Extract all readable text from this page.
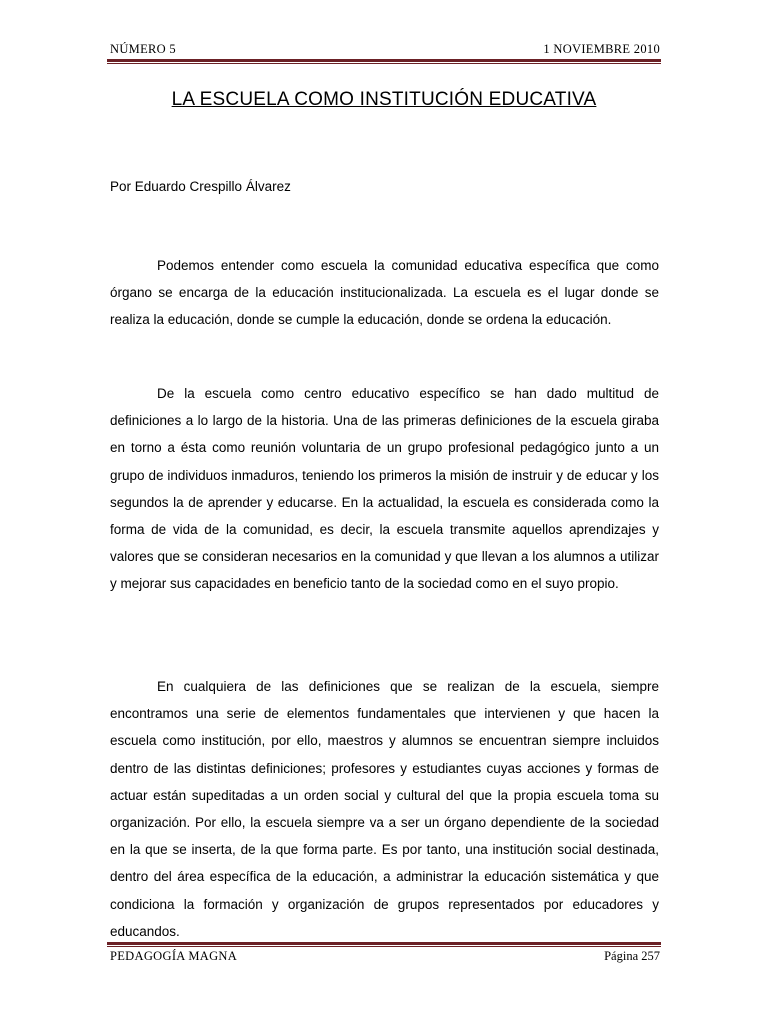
NÚMERO 5	1 NOVIEMBRE 2010
LA ESCUELA COMO INSTITUCIÓN EDUCATIVA
Por Eduardo Crespillo Álvarez

Podemos entender como escuela la comunidad educativa específica que como órgano se encarga de la educación institucionalizada. La escuela es el lugar donde se realiza la educación, donde se cumple la educación, donde se ordena la educación.

De la escuela como centro educativo específico se han dado multitud de definiciones a lo largo de la historia. Una de las primeras definiciones de la escuela giraba en torno a ésta como reunión voluntaria de un grupo profesional pedagógico junto a un grupo de individuos inmaduros, teniendo los primeros la misión de instruir y de educar y los segundos la de aprender y educarse. En la actualidad, la escuela es considerada como la forma de vida de la comunidad, es decir, la escuela transmite aquellos aprendizajes y valores que se consideran necesarios en la comunidad y que llevan a los alumnos a utilizar y mejorar sus capacidades en beneficio tanto de la sociedad como en el suyo propio.

En cualquiera de las definiciones que se realizan de la escuela, siempre encontramos una serie de elementos fundamentales que intervienen y que hacen la escuela como institución, por ello, maestros y alumnos se encuentran siempre incluidos dentro de las distintas definiciones; profesores y estudiantes cuyas acciones y formas de actuar están supeditadas a un orden social y cultural del que la propia escuela toma su organización. Por ello, la escuela siempre va a ser un órgano dependiente de la sociedad en la que se inserta, de la que forma parte. Es por tanto, una institución social destinada, dentro del área específica de la educación, a administrar la educación sistemática y que condiciona la formación y organización de grupos representados por educadores y educandos.

PEDAGOGÍA MAGNA	Página 257
